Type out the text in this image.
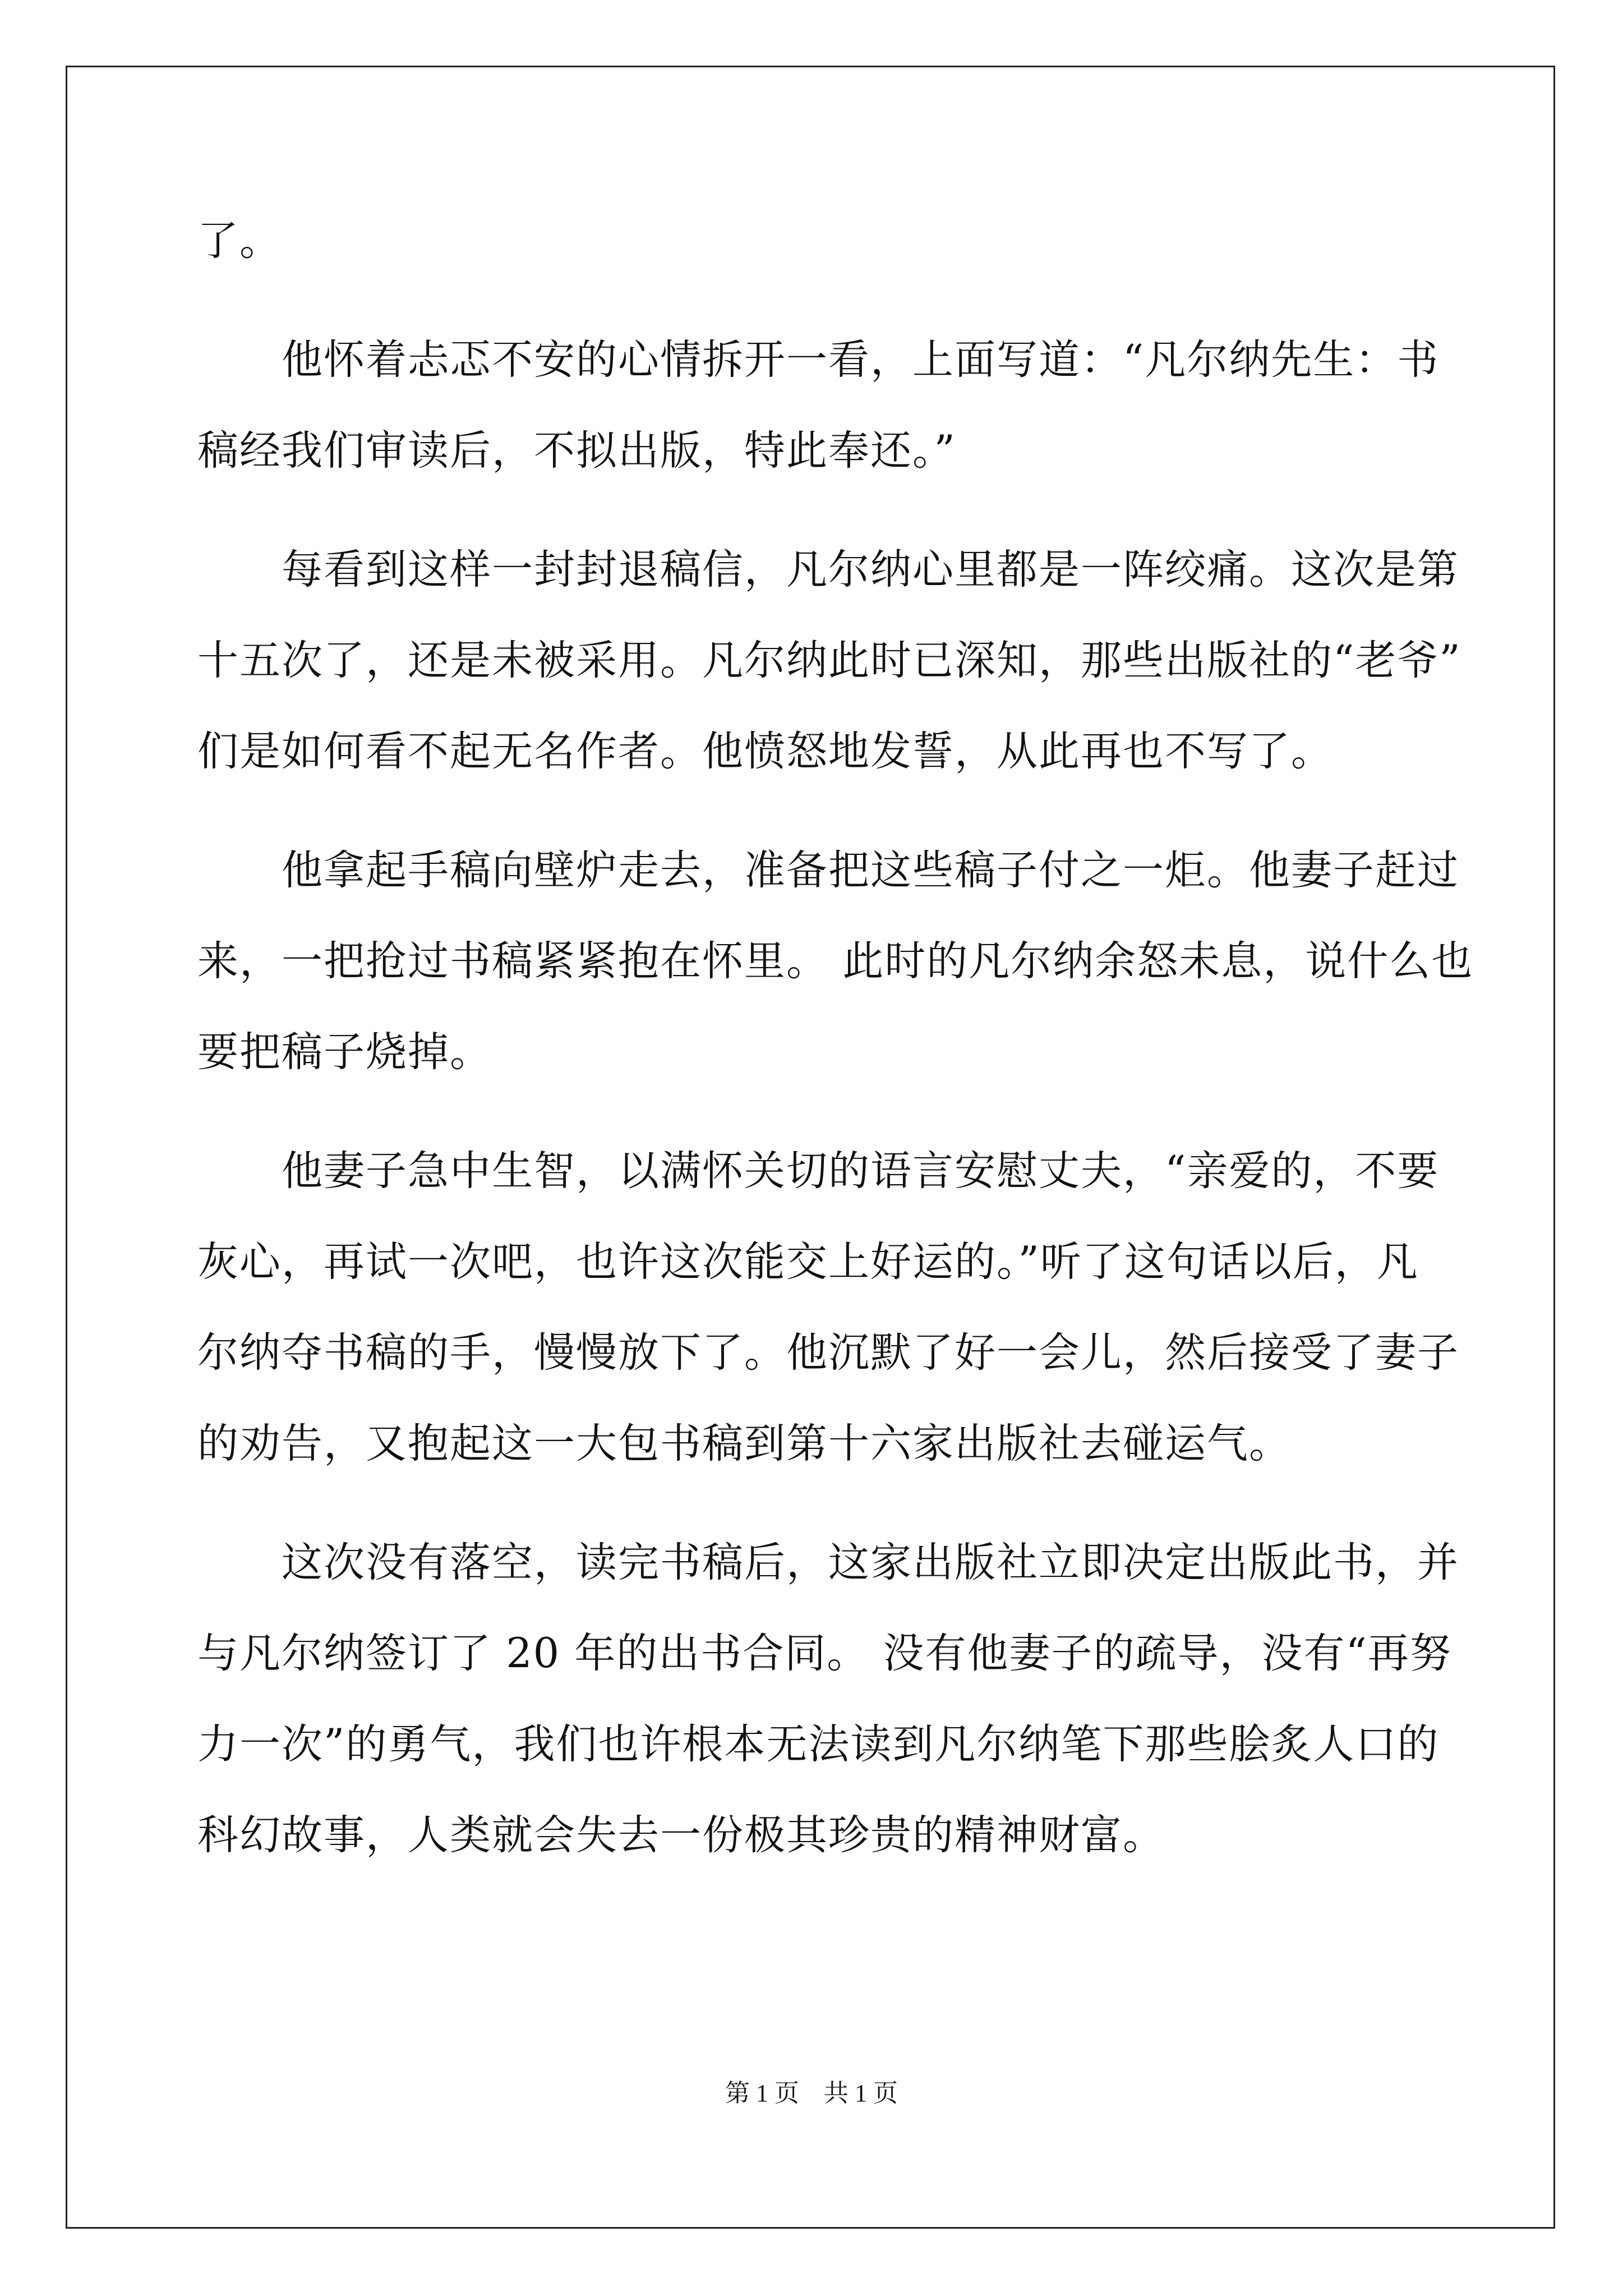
了。
他怀着忐忑不安的心情拆开一看，上面写道：“凡尔纳先生：书
稿经我们审读后，不拟出版，特此奉还。”
每看到这样一封封退稿信，凡尔纳心里都是一阵绞痛。这次是第
十五次了，还是未被采用。凡尔纳此时已深知，那些出版社的“老爷”
们是如何看不起无名作者。他愤怒地发誓，从此再也不写了。
他拿起手稿向壁炉走去，准备把这些稿子付之一炬。他妻子赶过
来，一把抢过书稿紧紧抱在怀里。 此时的凡尔纳余怒未息，说什么也
要把稿子烧掉。
他妻子急中生智，以满怀关切的语言安慰丈夫，“亲爱的，不要
灰心，再试一次吧，也许这次能交上好运的。”听了这句话以后，凡
尔纳夺书稿的手，慢慢放下了。他沉默了好一会儿，然后接受了妻子
的劝告，又抱起这一大包书稿到第十六家出版社去碰运气。
这次没有落空，读完书稿后，这家出版社立即决定出版此书，并
与凡尔纳签订了 20 年的出书合同。 没有他妻子的疏导，没有“再努
力一次”的勇气，我们也许根本无法读到凡尔纳笔下那些脍炙人口的
科幻故事，人类就会失去一份极其珍贵的精神财富。
第 1 页 共 1 页
